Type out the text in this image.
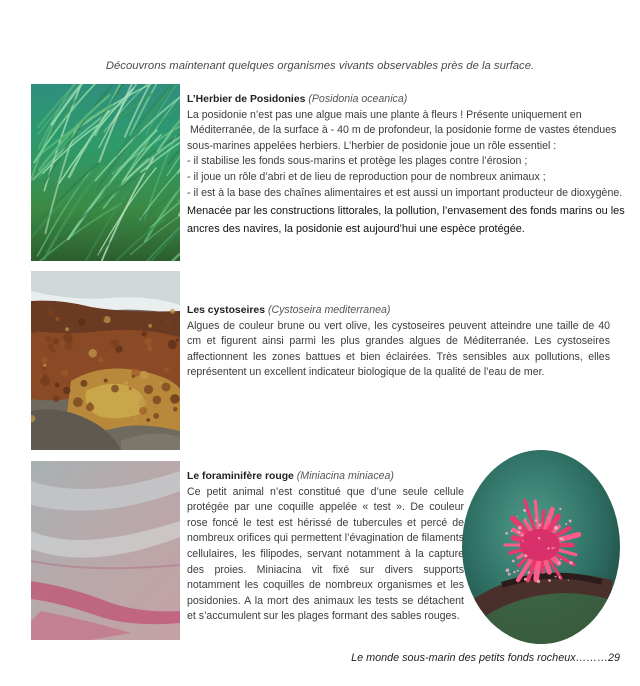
Découvrons maintenant quelques organismes vivants observables près de la surface.

L’Herbier de Posidonies (Posidonia oceanica)

La posidonie n’est pas une algue mais une plante à fleurs ! Présente uniquement en

Méditerranée, de la surface à - 40 m de profondeur, la posidonie forme de vastes étendues

sous-marines appelées herbiers. L’herbier de posidonie joue un rôle essentiel :

- il stabilise les fonds sous-marins et protège les plages contre l’érosion ;

- il joue un rôle d’abri et de lieu de reproduction pour de nombreux animaux ;

- il est à la base des chaînes alimentaires et est aussi un important producteur de dioxygène.

Menacée par les constructions littorales, la pollution, l’envasement des fonds marins ou les ancres des navires, la posidonie est aujourd’hui une espèce protégée.

Les cystoseires (Cystoseira mediterranea)

Algues de couleur brune ou vert olive, les cystoseires peuvent atteindre une taille de 40 cm et figurent ainsi parmi les plus grandes algues de Méditerranée. Les cystoseires affectionnent les zones battues et bien éclairées. Très sensibles aux pollutions, elles représentent un excellent indicateur biologique de la qualité de l’eau de mer.

Le foraminifère rouge (Miniacina miniacea)

Ce petit animal n’est constitué que d’une seule cellule protégée par une coquille appelée « test ». De couleur rose foncé le test est hérissé de tubercules et percé de nombreux orifices qui permettent l’évagination de filaments cellulaires, les filipodes, servant notamment à la capture des proies. Miniacina vit fixé sur divers supports notamment les coquilles de nombreux organismes et les posidonies. A la mort des animaux les tests se détachent et s’accumulent sur les plages formant des sables rouges.

Le monde sous-marin des petits fonds rocheux………29
